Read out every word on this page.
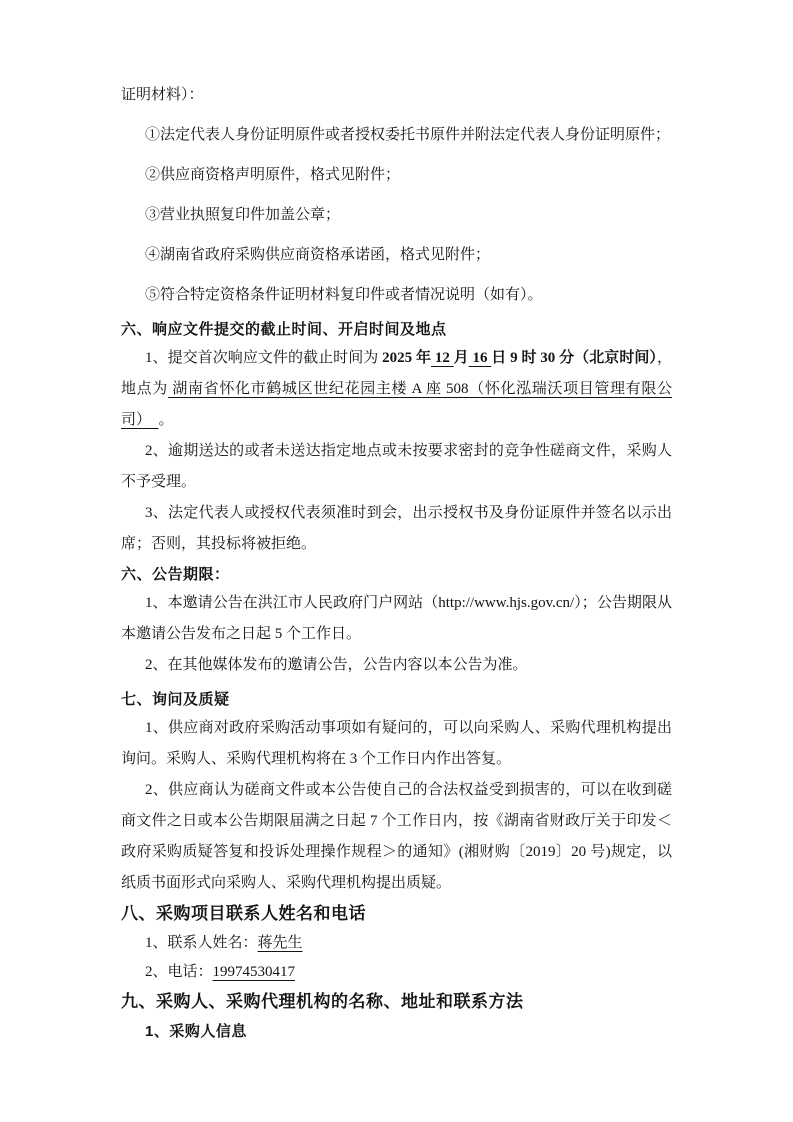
证明材料）：

①法定代表人身份证明原件或者授权委托书原件并附法定代表人身份证明原件；

②供应商资格声明原件，格式见附件；

③营业执照复印件加盖公章；

④湖南省政府采购供应商资格承诺函，格式见附件；

⑤符合特定资格条件证明材料复印件或者情况说明（如有）。

六、响应文件提交的截止时间、开启时间及地点

1、提交首次响应文件的截止时间为 2025 年 12 月 16 日 9 时 30 分（北京时间），地点为 湖南省怀化市鹤城区世纪花园主楼 A 座 508（怀化泓瑞沃项目管理有限公司）  。

2、逾期送达的或者未送达指定地点或未按要求密封的竞争性磋商文件，采购人不予受理。

3、法定代表人或授权代表须准时到会，出示授权书及身份证原件并签名以示出席；否则，其投标将被拒绝。

六、公告期限：

1、本邀请公告在洪江市人民政府门户网站（http://www.hjs.gov.cn/）；公告期限从本邀请公告发布之日起 5 个工作日。

2、在其他媒体发布的邀请公告，公告内容以本公告为准。

七、询问及质疑

1、供应商对政府采购活动事项如有疑问的，可以向采购人、采购代理机构提出询问。采购人、采购代理机构将在 3 个工作日内作出答复。

2、供应商认为磋商文件或本公告使自己的合法权益受到损害的，可以在收到磋商文件之日或本公告期限届满之日起 7 个工作日内，按《湖南省财政厅关于印发＜政府采购质疑答复和投诉处理操作规程＞的通知》(湘财购〔2019〕20 号)规定，以纸质书面形式向采购人、采购代理机构提出质疑。

八、采购项目联系人姓名和电话

1、联系人姓名：蒋先生

2、电话：19974530417

九、采购人、采购代理机构的名称、地址和联系方法

1、采购人信息
